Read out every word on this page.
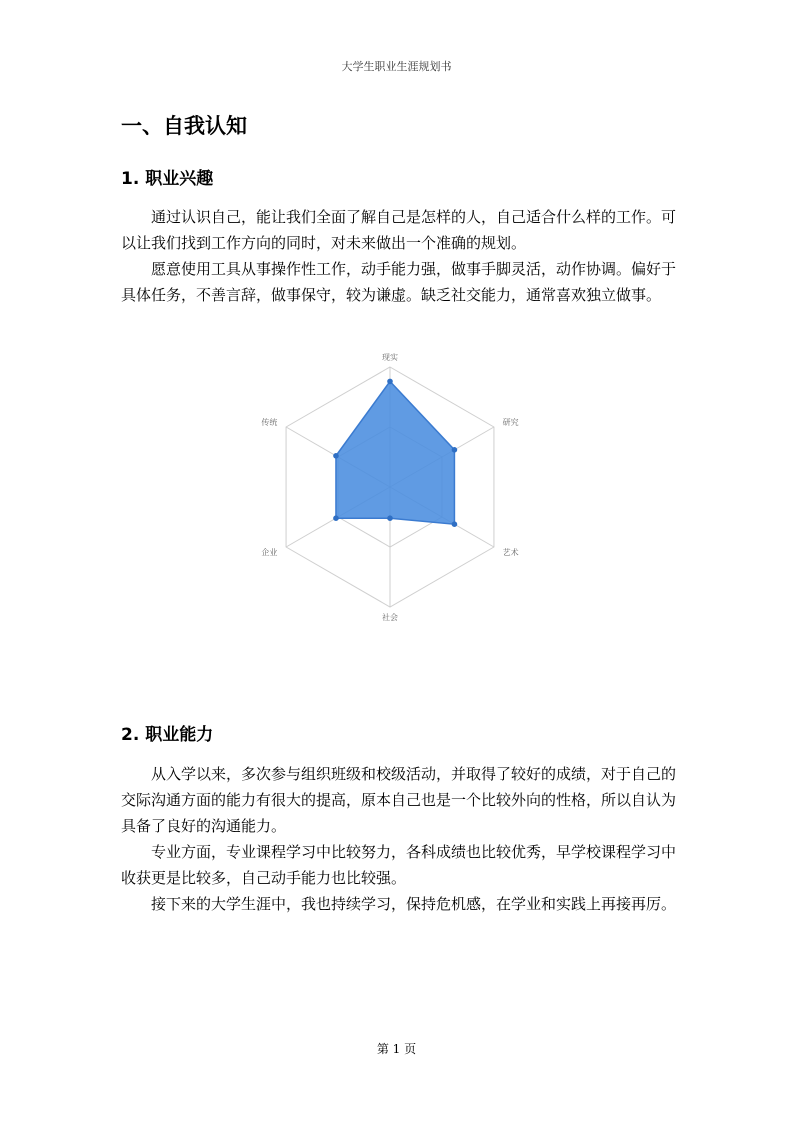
大学生职业生涯规划书
一、自我认知
1. 职业兴趣
通过认识自己，能让我们全面了解自己是怎样的人，自己适合什么样的工作。可以让我们找到工作方向的同时，对未来做出一个准确的规划。
愿意使用工具从事操作性工作，动手能力强，做事手脚灵活，动作协调。偏好于具体任务，不善言辞，做事保守，较为谦虚。缺乏社交能力，通常喜欢独立做事。
现实
研究
艺术
社会
企业
传统
2. 职业能力
从入学以来，多次参与组织班级和校级活动，并取得了较好的成绩，对于自己的交际沟通方面的能力有很大的提高，原本自己也是一个比较外向的性格，所以自认为具备了良好的沟通能力。
专业方面，专业课程学习中比较努力，各科成绩也比较优秀，早学校课程学习中收获更是比较多，自己动手能力也比较强。
接下来的大学生涯中，我也持续学习，保持危机感，在学业和实践上再接再厉。
第 1 页
